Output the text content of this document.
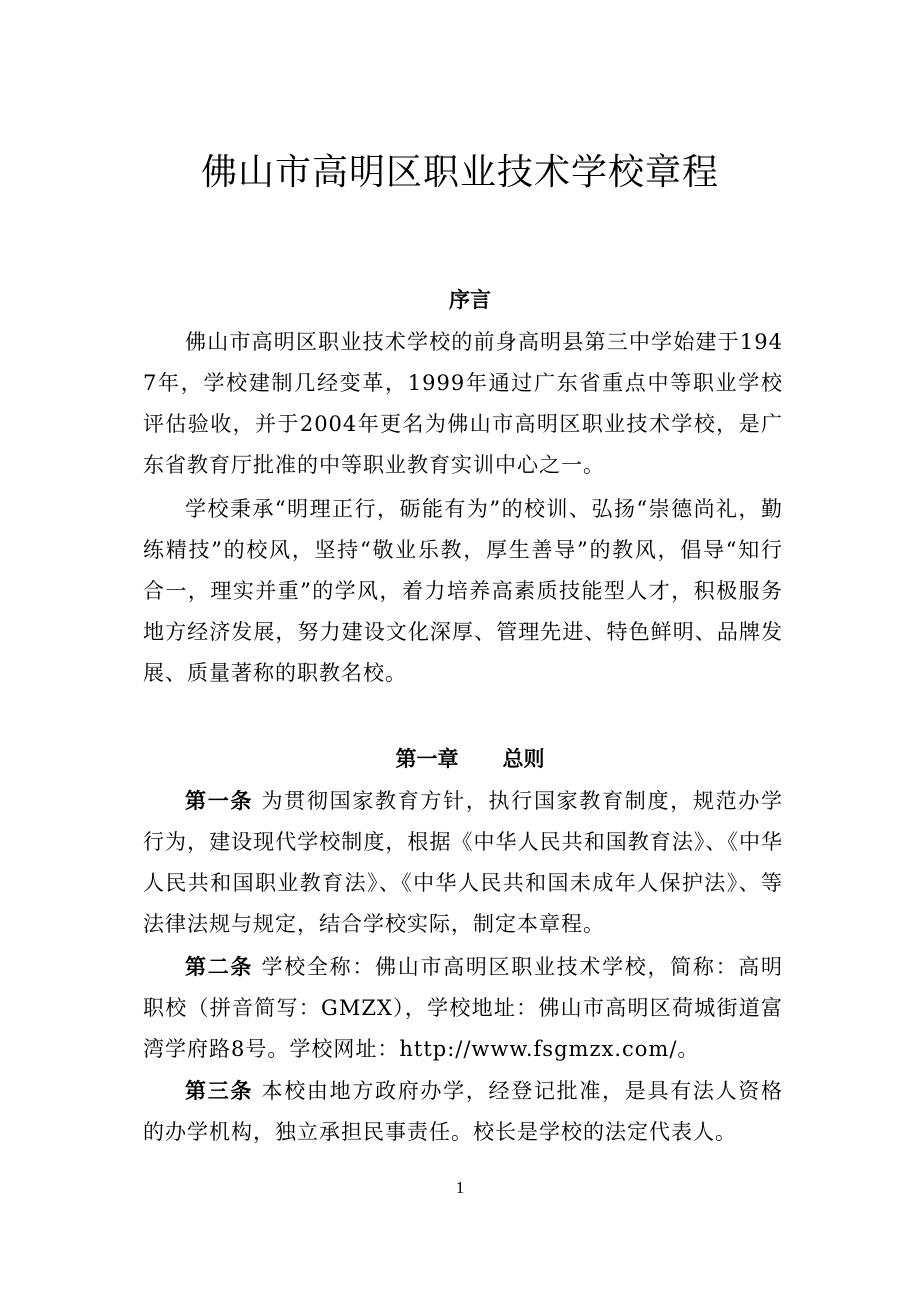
佛山市高明区职业技术学校章程
序言

佛山市高明区职业技术学校的前身高明县第三中学始建于1947年，学校建制几经变革，1999年通过广东省重点中等职业学校评估验收，并于2004年更名为佛山市高明区职业技术学校，是广东省教育厅批准的中等职业教育实训中心之一。

学校秉承“明理正行，砺能有为”的校训、弘扬“崇德尚礼，勤练精技”的校风，坚持“敬业乐教，厚生善导”的教风，倡导“知行合一，理实并重”的学风，着力培养高素质技能型人才，积极服务地方经济发展，努力建设文化深厚、管理先进、特色鲜明、品牌发展、质量著称的职教名校。

第一章 总则

第一条 为贯彻国家教育方针，执行国家教育制度，规范办学行为，建设现代学校制度，根据《中华人民共和国教育法》、《中华人民共和国职业教育法》、《中华人民共和国未成年人保护法》、等法律法规与规定，结合学校实际，制定本章程。

第二条 学校全称：佛山市高明区职业技术学校，简称：高明职校（拼音简写：GMZX），学校地址：佛山市高明区荷城街道富湾学府路8号。学校网址：http://www.fsgmzx.com/。

第三条 本校由地方政府办学，经登记批准，是具有法人资格的办学机构，独立承担民事责任。校长是学校的法定代表人。

1
